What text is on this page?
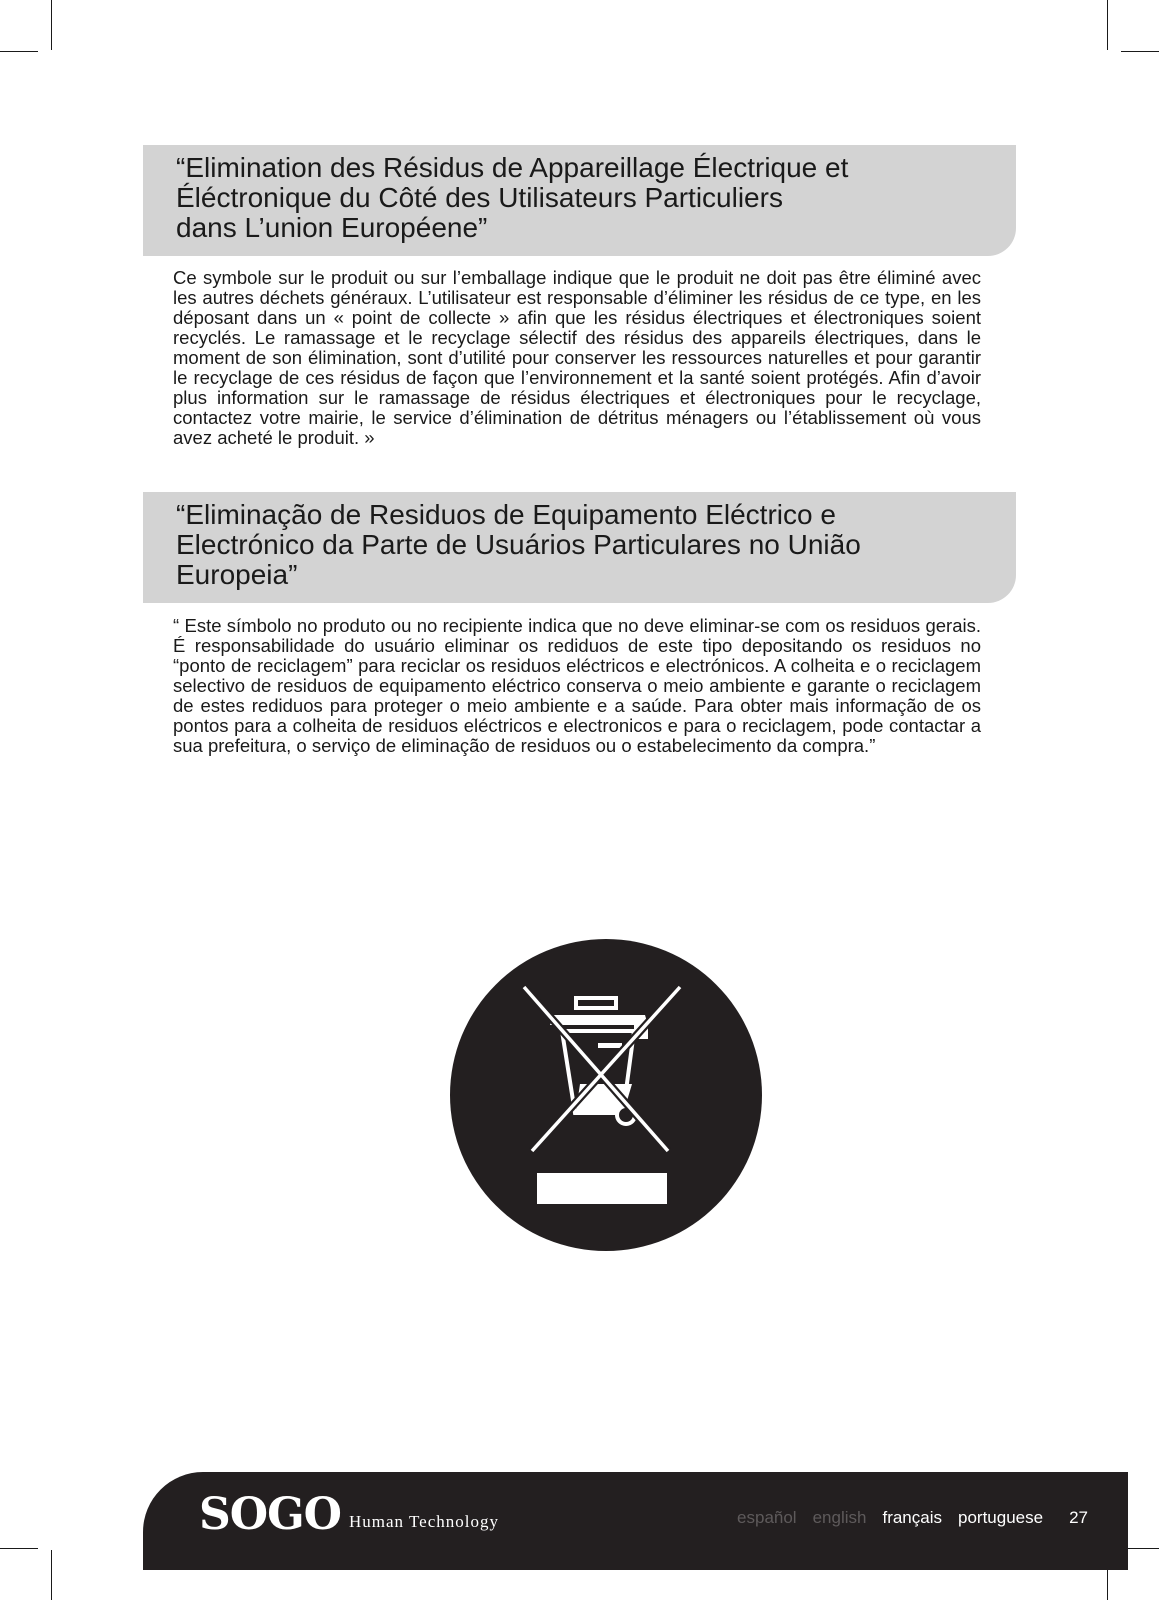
“Elimination des Résidus de Appareillage Électrique et
Éléctronique du Côté des Utilisateurs Particuliers
dans L’union Européene”

Ce symbole sur le produit ou sur l’emballage indique que le produit ne doit pas être éliminé avec les autres déchets généraux. L’utilisateur est responsable d’éliminer les résidus de ce type, en les déposant dans un « point de collecte » afin que les résidus électriques et électroniques soient recyclés. Le ramassage et le recyclage sélectif des résidus des appareils électriques, dans le moment de son élimination, sont d’utilité pour conserver les ressources naturelles et pour garantir le recyclage de ces résidus de façon que l’environnement et la santé soient protégés. Afin d’avoir plus information sur le ramassage de résidus électriques et électroniques pour le recyclage, contactez votre mairie, le service d’élimination de détritus ménagers ou l’établissement où vous avez acheté le produit. »

“Eliminação de Residuos de Equipamento Eléctrico e
Electrónico da Parte de Usuários Particulares no União
Europeia”

“ Este símbolo no produto ou no recipiente indica que no deve eliminar-se com os residuos gerais. É responsabilidade do usuário eliminar os rediduos de este tipo depositando os residuos no “ponto de reciclagem” para reciclar os residuos eléctricos e electrónicos. A colheita e o reciclagem selectivo de residuos de equipamento eléctrico conserva o meio ambiente e garante o reciclagem de estes rediduos para proteger o meio ambiente e a saúde. Para obter mais informação de os pontos para a colheita de residuos eléctricos e electronicos e para o reciclagem, pode contactar a sua prefeitura, o serviço de eliminação de residuos ou o estabelecimento da compra.”

SOGO Human Technology	español english français portuguese 27
